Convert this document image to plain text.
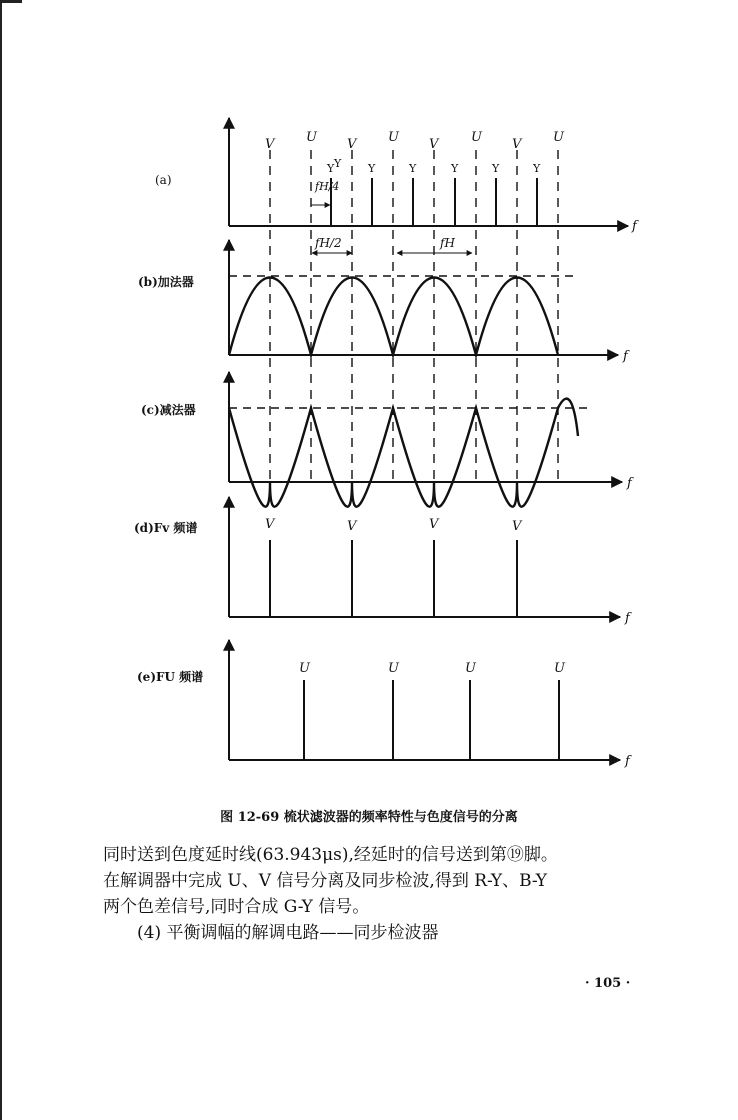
(a)
f
V U V U V	U V U
Y	Y	Y	Y	Y	Y
Y
fH/4
fH/2	fH
(b)加法器
f
(c)减法器
f
(d)Fv 频谱
f
V	V	V	V
(e)FU 频谱
f
U	U	U	U
图 12-69 梳状滤波器的频率特性与色度信号的分离

同时送到色度延时线(63.943μs),经延时的信号送到第⑲脚。

在解调器中完成 U、V 信号分离及同步检波,得到 R-Y、B-Y

两个色差信号,同时合成 G-Y 信号。

(4) 平衡调幅的解调电路——同步检波器

· 105 ·
